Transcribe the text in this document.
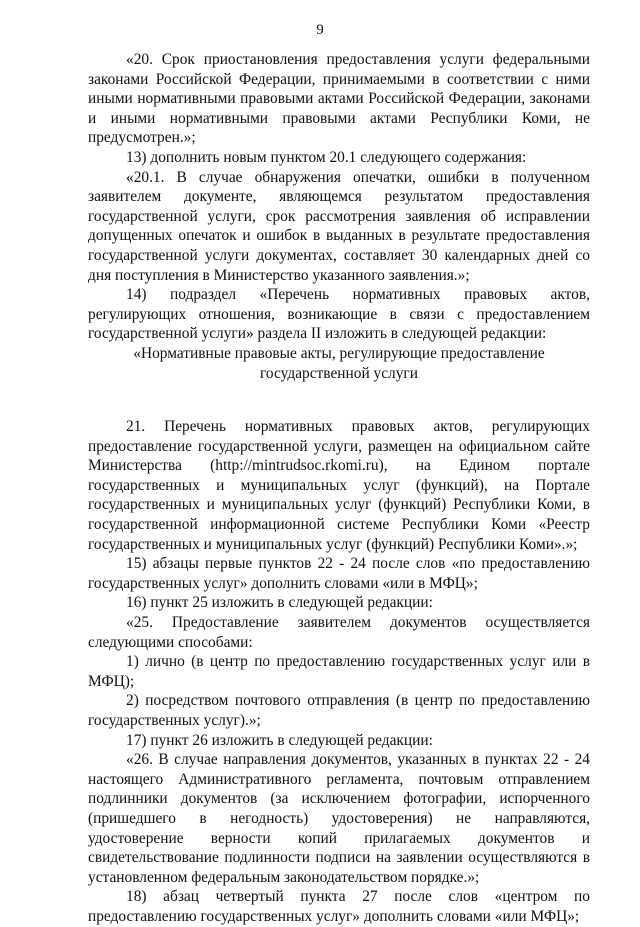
9

«20. Срок приостановления предоставления услуги федеральными законами Российской Федерации, принимаемыми в соответствии с ними иными нормативными правовыми актами Российской Федерации, законами и иными нормативными правовыми актами Республики Коми, не предусмотрен.»;

13) дополнить новым пунктом 20.1 следующего содержания:

«20.1. В случае обнаружения опечатки, ошибки в полученном заявителем документе, являющемся результатом предоставления государственной услуги, срок рассмотрения заявления об исправлении допущенных опечаток и ошибок в выданных в результате предоставления государственной услуги документах, составляет 30 календарных дней со дня поступления в Министерство указанного заявления.»;

14) подраздел «Перечень нормативных правовых актов, регулирующих отношения, возникающие в связи с предоставлением государственной услуги» раздела II изложить в следующей редакции:

«Нормативные правовые акты, регулирующие предоставление государственной услуги

21. Перечень нормативных правовых актов, регулирующих предоставление государственной услуги, размещен на официальном сайте Министерства (http://mintrudsoc.rkomi.ru), на Едином портале государственных и муниципальных услуг (функций), на Портале государственных и муниципальных услуг (функций) Республики Коми, в государственной информационной системе Республики Коми «Реестр государственных и муниципальных услуг (функций) Республики Коми».»;

15) абзацы первые пунктов 22 - 24 после слов «по предоставлению государственных услуг» дополнить словами «или в МФЦ»;

16) пункт 25 изложить в следующей редакции:

«25. Предоставление заявителем документов осуществляется следующими способами:

1) лично (в центр по предоставлению государственных услуг или в МФЦ);

2) посредством почтового отправления (в центр по предоставлению государственных услуг).»;

17) пункт 26 изложить в следующей редакции:

«26. В случае направления документов, указанных в пунктах 22 - 24 настоящего Административного регламента, почтовым отправлением подлинники документов (за исключением фотографии, испорченного (пришедшего в негодность) удостоверения) не направляются, удостоверение верности копий прилагаемых документов и свидетельствование подлинности подписи на заявлении осуществляются в установленном федеральным законодательством порядке.»;

18) абзац четвертый пункта 27 после слов «центром по предоставлению государственных услуг» дополнить словами «или МФЦ»;
